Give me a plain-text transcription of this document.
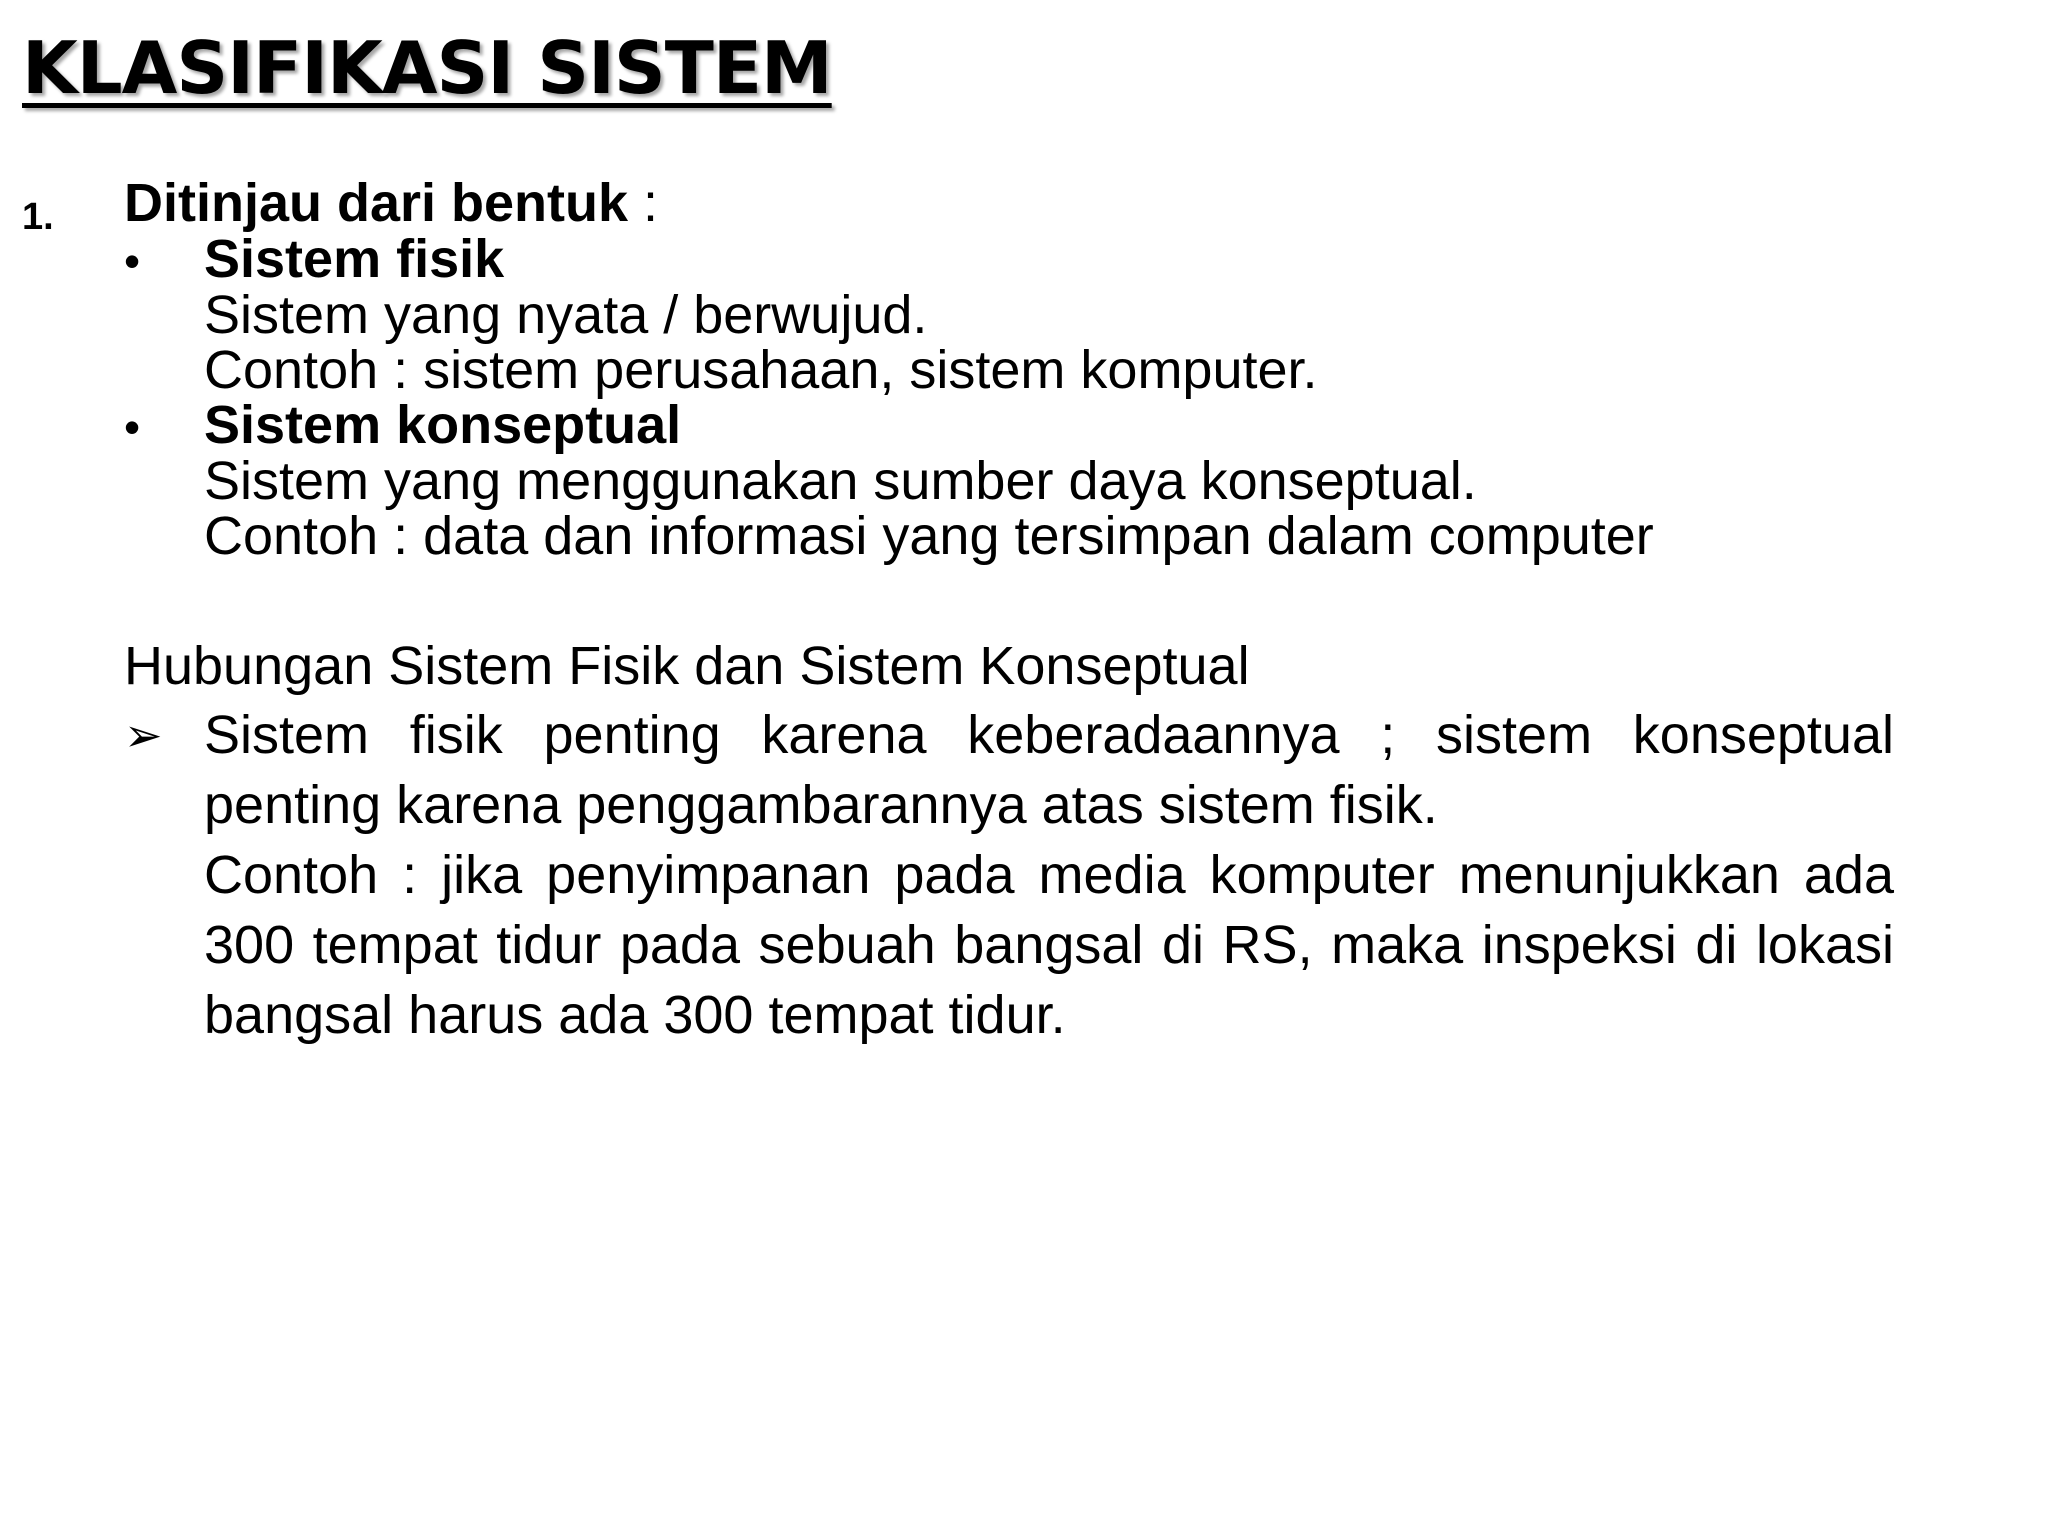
KLASIFIKASI SISTEM
1. Ditinjau dari bentuk :
• Sistem fisik
Sistem yang nyata / berwujud.
Contoh : sistem perusahaan, sistem komputer.
• Sistem konseptual
Sistem yang menggunakan sumber daya konseptual.
Contoh : data dan informasi yang tersimpan dalam computer
Hubungan Sistem Fisik dan Sistem Konseptual
➢ Sistem fisik penting karena keberadaannya ; sistem konseptual penting karena penggambarannya atas sistem fisik.
Contoh : jika penyimpanan pada media komputer menunjukkan ada 300 tempat tidur pada sebuah bangsal di RS, maka inspeksi di lokasi bangsal harus ada 300 tempat tidur.
